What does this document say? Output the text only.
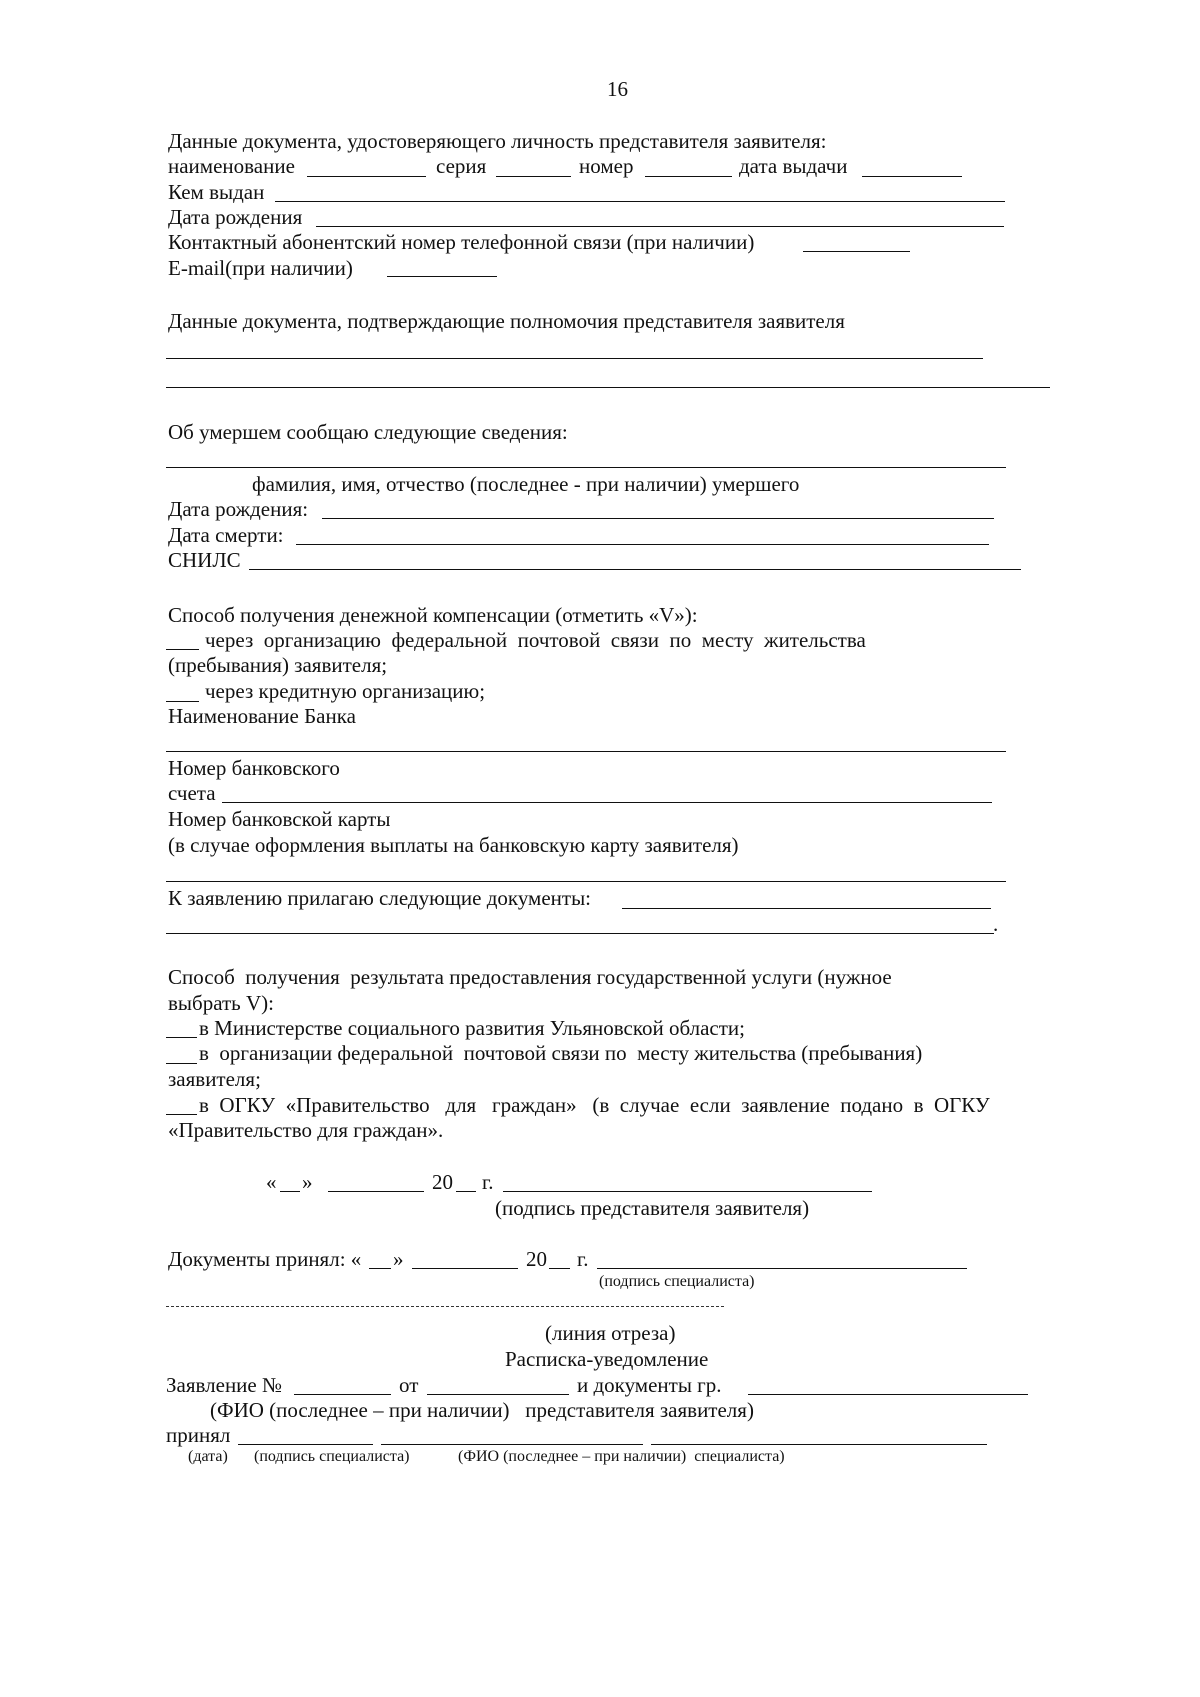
16
Данные документа, удостоверяющего личность представителя заявителя:
наименование	серия	номер	дата выдачи
Кем выдан
Дата рождения
Контактный абонентский номер телефонной связи (при наличии)
E-mail(при наличии)
Данные документа, подтверждающие полномочия представителя заявителя
Об умершем сообщаю следующие сведения:
фамилия, имя, отчество (последнее - при наличии) умершего
Дата рождения:
Дата смерти:
СНИЛС
Способ получения денежной компенсации (отметить «V»):
через  организацию  федеральной  почтовой  связи  по  месту  жительства
(пребывания) заявителя;
через кредитную организацию;
Наименование Банка
Номер банковского
счета
Номер банковской карты
(в случае оформления выплаты на банковскую карту заявителя)
К заявлению прилагаю следующие документы:
.
Способ  получения  результата предоставления государственной услуги (нужное
выбрать V):
в Министерстве социального развития Ульяновской области;
в  организации федеральной  почтовой связи по  месту жительства (пребывания)
заявителя;
в  ОГКУ  «Правительство   для   граждан»   (в  случае  если  заявление  подано  в  ОГКУ
«Правительство для граждан».
« »	20 г.
(подпись представителя заявителя)
Документы принял: « »	20 г.
(подпись специалиста)
(линия отреза)
Расписка-уведомление
Заявление №	от	и документы гр.
(ФИО (последнее – при наличии)   представителя заявителя)
принял
(дата) (подпись специалиста)	(ФИО (последнее – при наличии)  специалиста)
